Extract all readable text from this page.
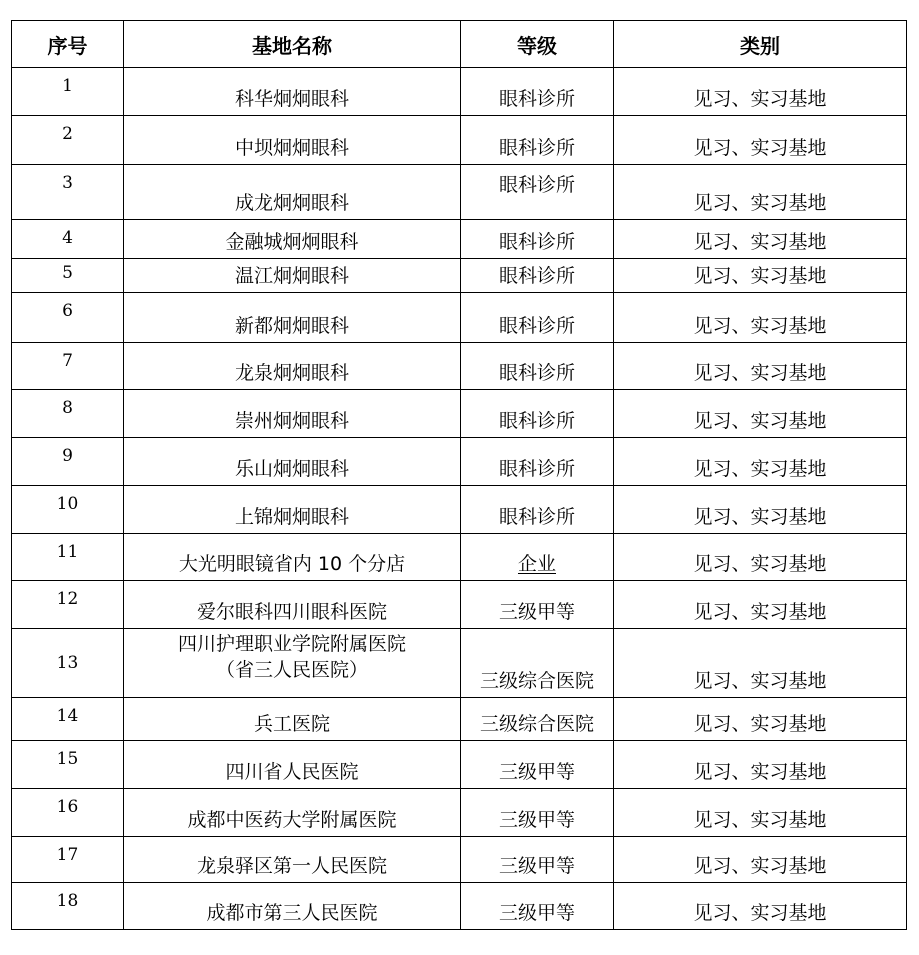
序号	基地名称	等级	类别
1	科华炯炯眼科	眼科诊所	见习、实习基地
2	中坝炯炯眼科	眼科诊所	见习、实习基地
3	成龙炯炯眼科	眼科诊所	见习、实习基地
4	金融城炯炯眼科	眼科诊所	见习、实习基地
5	温江炯炯眼科	眼科诊所	见习、实习基地
6	新都炯炯眼科	眼科诊所	见习、实习基地
7	龙泉炯炯眼科	眼科诊所	见习、实习基地
8	崇州炯炯眼科	眼科诊所	见习、实习基地
9	乐山炯炯眼科	眼科诊所	见习、实习基地
10	上锦炯炯眼科	眼科诊所	见习、实习基地
11	大光明眼镜省内 10 个分店	企业	见习、实习基地
12	爱尔眼科四川眼科医院	三级甲等	见习、实习基地
13	四川护理职业学院附属医院
（省三人民医院）	三级综合医院	见习、实习基地
14	兵工医院	三级综合医院	见习、实习基地
15	四川省人民医院	三级甲等	见习、实习基地
16	成都中医药大学附属医院	三级甲等	见习、实习基地
17	龙泉驿区第一人民医院	三级甲等	见习、实习基地
18	成都市第三人民医院	三级甲等	见习、实习基地
